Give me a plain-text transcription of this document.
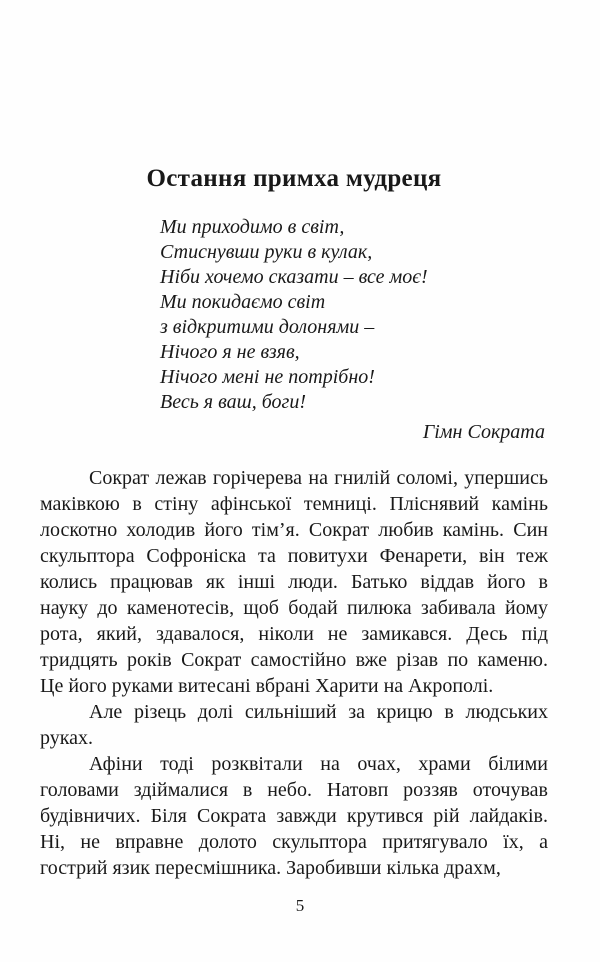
Остання примха мудреця
Ми приходимо в світ,
Стиснувши руки в кулак,
Ніби хочемо сказати – все моє!
Ми покидаємо світ
з відкритими долонями –
Нічого я не взяв,
Нічого мені не потрібно!
Весь я ваш, боги!
Гімн Сократа

Сократ лежав горічерева на гнилій соломі, упершись
маківкою в стіну афінської темниці. Пліснявий камінь
лоскотно холодив його тім’я. Сократ любив камінь. Син
скульптора Софроніска та повитухи Фенарети, він теж
колись працював як інші люди. Батько віддав його в
науку до каменотесів, щоб бодай пилюка забивала йому
рота, який, здавалося, ніколи не замикався. Десь під
тридцять років Сократ самостійно вже різав по каменю.
Це його руками витесані вбрані Харити на Акрополі.

Але різець долі сильніший за крицю в людських
руках.

Афіни тоді розквітали на очах, храми білими
головами здіймалися в небо. Натовп роззяв оточував
будівничих. Біля Сократа завжди крутився рій лайдаків.
Ні, не вправне долото скульптора притягувало їх, а
гострий язик пересмішника. Заробивши кілька драхм,

5
